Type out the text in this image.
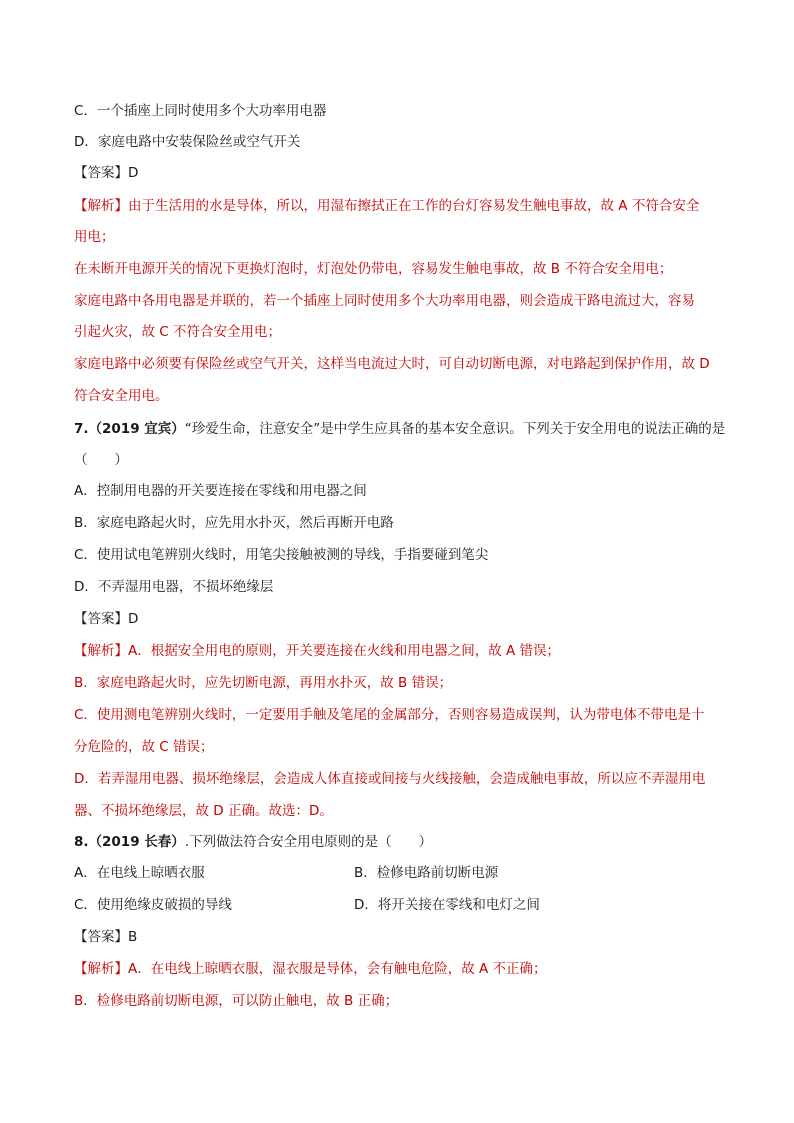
C．一个插座上同时使用多个大功率用电器
D．家庭电路中安装保险丝或空气开关
【答案】D
【解析】由于生活用的水是导体，所以，用湿布擦拭正在工作的台灯容易发生触电事故，故 A 不符合安全
用电；
在未断开电源开关的情况下更换灯泡时，灯泡处仍带电，容易发生触电事故，故 B 不符合安全用电；
家庭电路中各用电器是并联的，若一个插座上同时使用多个大功率用电器，则会造成干路电流过大，容易
引起火灾，故 C 不符合安全用电；
家庭电路中必须要有保险丝或空气开关，这样当电流过大时，可自动切断电源，对电路起到保护作用，故 D
符合安全用电。
7.（2019 宜宾）“珍爱生命，注意安全”是中学生应具备的基本安全意识。下列关于安全用电的说法正确的是
（　　）
A．控制用电器的开关要连接在零线和用电器之间
B．家庭电路起火时，应先用水扑灭，然后再断开电路
C．使用试电笔辨别火线时，用笔尖接触被测的导线，手指要碰到笔尖
D．不弄湿用电器，不损坏绝缘层
【答案】D
【解析】A．根据安全用电的原则，开关要连接在火线和用电器之间，故 A 错误；
B．家庭电路起火时，应先切断电源，再用水扑灭，故 B 错误；
C．使用测电笔辨别火线时，一定要用手触及笔尾的金属部分，否则容易造成误判，认为带电体不带电是十
分危险的，故 C 错误；
D．若弄湿用电器、损坏绝缘层，会造成人体直接或间接与火线接触，会造成触电事故，所以应不弄湿用电
器、不损坏绝缘层，故 D 正确。故选：D。
8.（2019 长春）.下列做法符合安全用电原则的是（　　）
A．在电线上晾晒衣服	B．检修电路前切断电源
C．使用绝缘皮破损的导线	D．将开关接在零线和电灯之间
【答案】B
【解析】A．在电线上晾晒衣服，湿衣服是导体，会有触电危险，故 A 不正确；
B．检修电路前切断电源，可以防止触电，故 B 正确；
